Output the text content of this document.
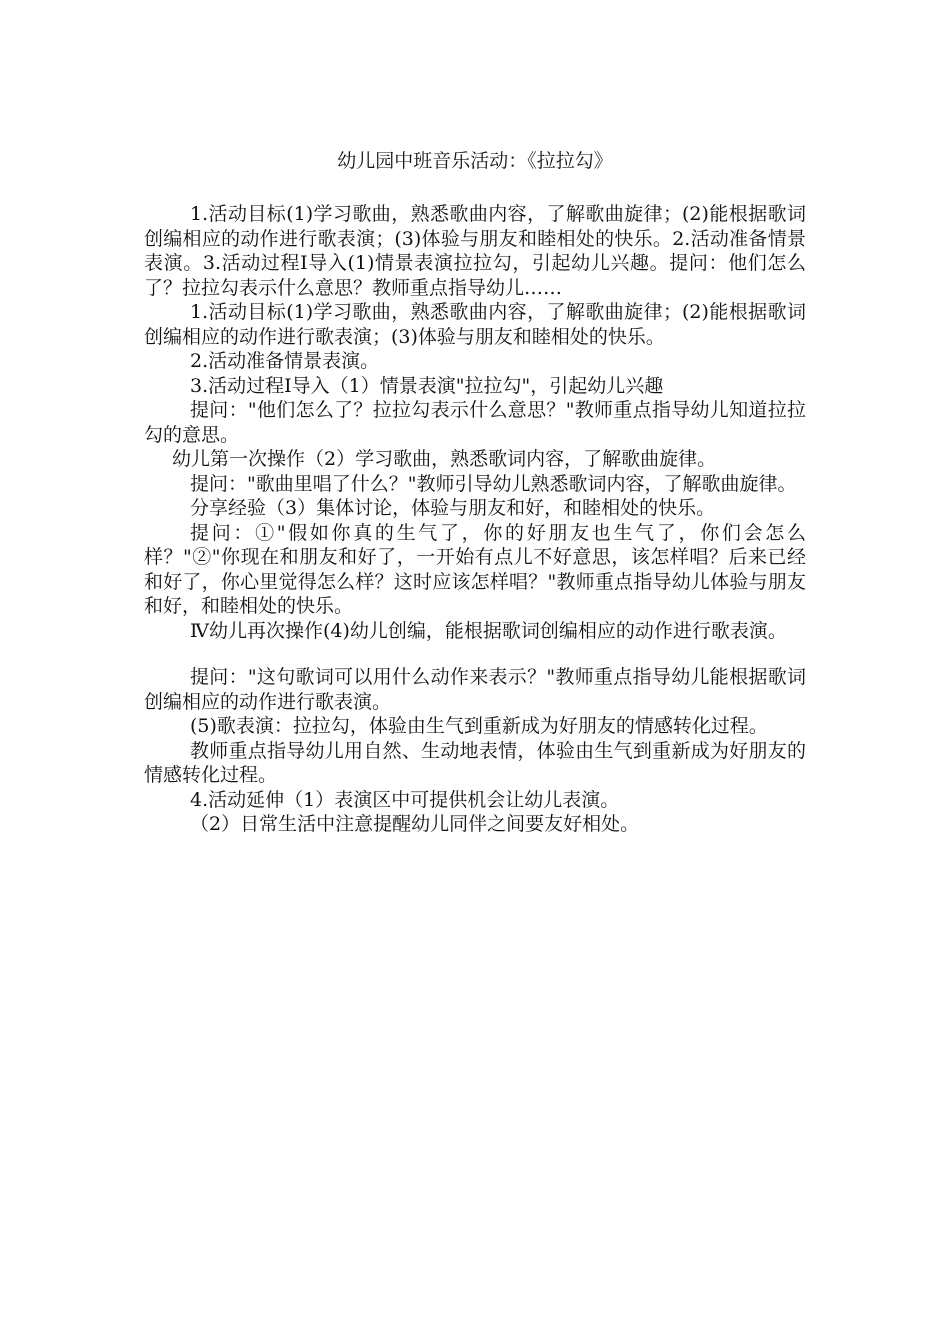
幼儿园中班音乐活动：《拉拉勾》

1.活动目标(1)学习歌曲，熟悉歌曲内容，了解歌曲旋律；(2)能根据歌词创编相应的动作进行歌表演；(3)体验与朋友和睦相处的快乐。2.活动准备情景表演。3.活动过程Ⅰ导入(1)情景表演拉拉勾，引起幼儿兴趣。提问：他们怎么了？拉拉勾表示什么意思？教师重点指导幼儿……

1.活动目标(1)学习歌曲，熟悉歌曲内容，了解歌曲旋律；(2)能根据歌词创编相应的动作进行歌表演；(3)体验与朋友和睦相处的快乐。

2.活动准备情景表演。

3.活动过程Ⅰ导入（1）情景表演"拉拉勾"，引起幼儿兴趣

提问："他们怎么了？拉拉勾表示什么意思？"教师重点指导幼儿知道拉拉勾的意思。

幼儿第一次操作（2）学习歌曲，熟悉歌词内容，了解歌曲旋律。

提问："歌曲里唱了什么？"教师引导幼儿熟悉歌词内容，了解歌曲旋律。

分享经验（3）集体讨论，体验与朋友和好，和睦相处的快乐。

提问：①"假如你真的生气了，你的好朋友也生气了，你们会怎么样？"②"你现在和朋友和好了，一开始有点儿不好意思，该怎样唱？后来已经和好了，你心里觉得怎么样？这时应该怎样唱？"教师重点指导幼儿体验与朋友和好，和睦相处的快乐。

Ⅳ幼儿再次操作(4)幼儿创编，能根据歌词创编相应的动作进行歌表演。

提问："这句歌词可以用什么动作来表示？"教师重点指导幼儿能根据歌词创编相应的动作进行歌表演。

(5)歌表演：拉拉勾，体验由生气到重新成为好朋友的情感转化过程。

教师重点指导幼儿用自然、生动地表情，体验由生气到重新成为好朋友的情感转化过程。

4.活动延伸（1）表演区中可提供机会让幼儿表演。

（2）日常生活中注意提醒幼儿同伴之间要友好相处。
